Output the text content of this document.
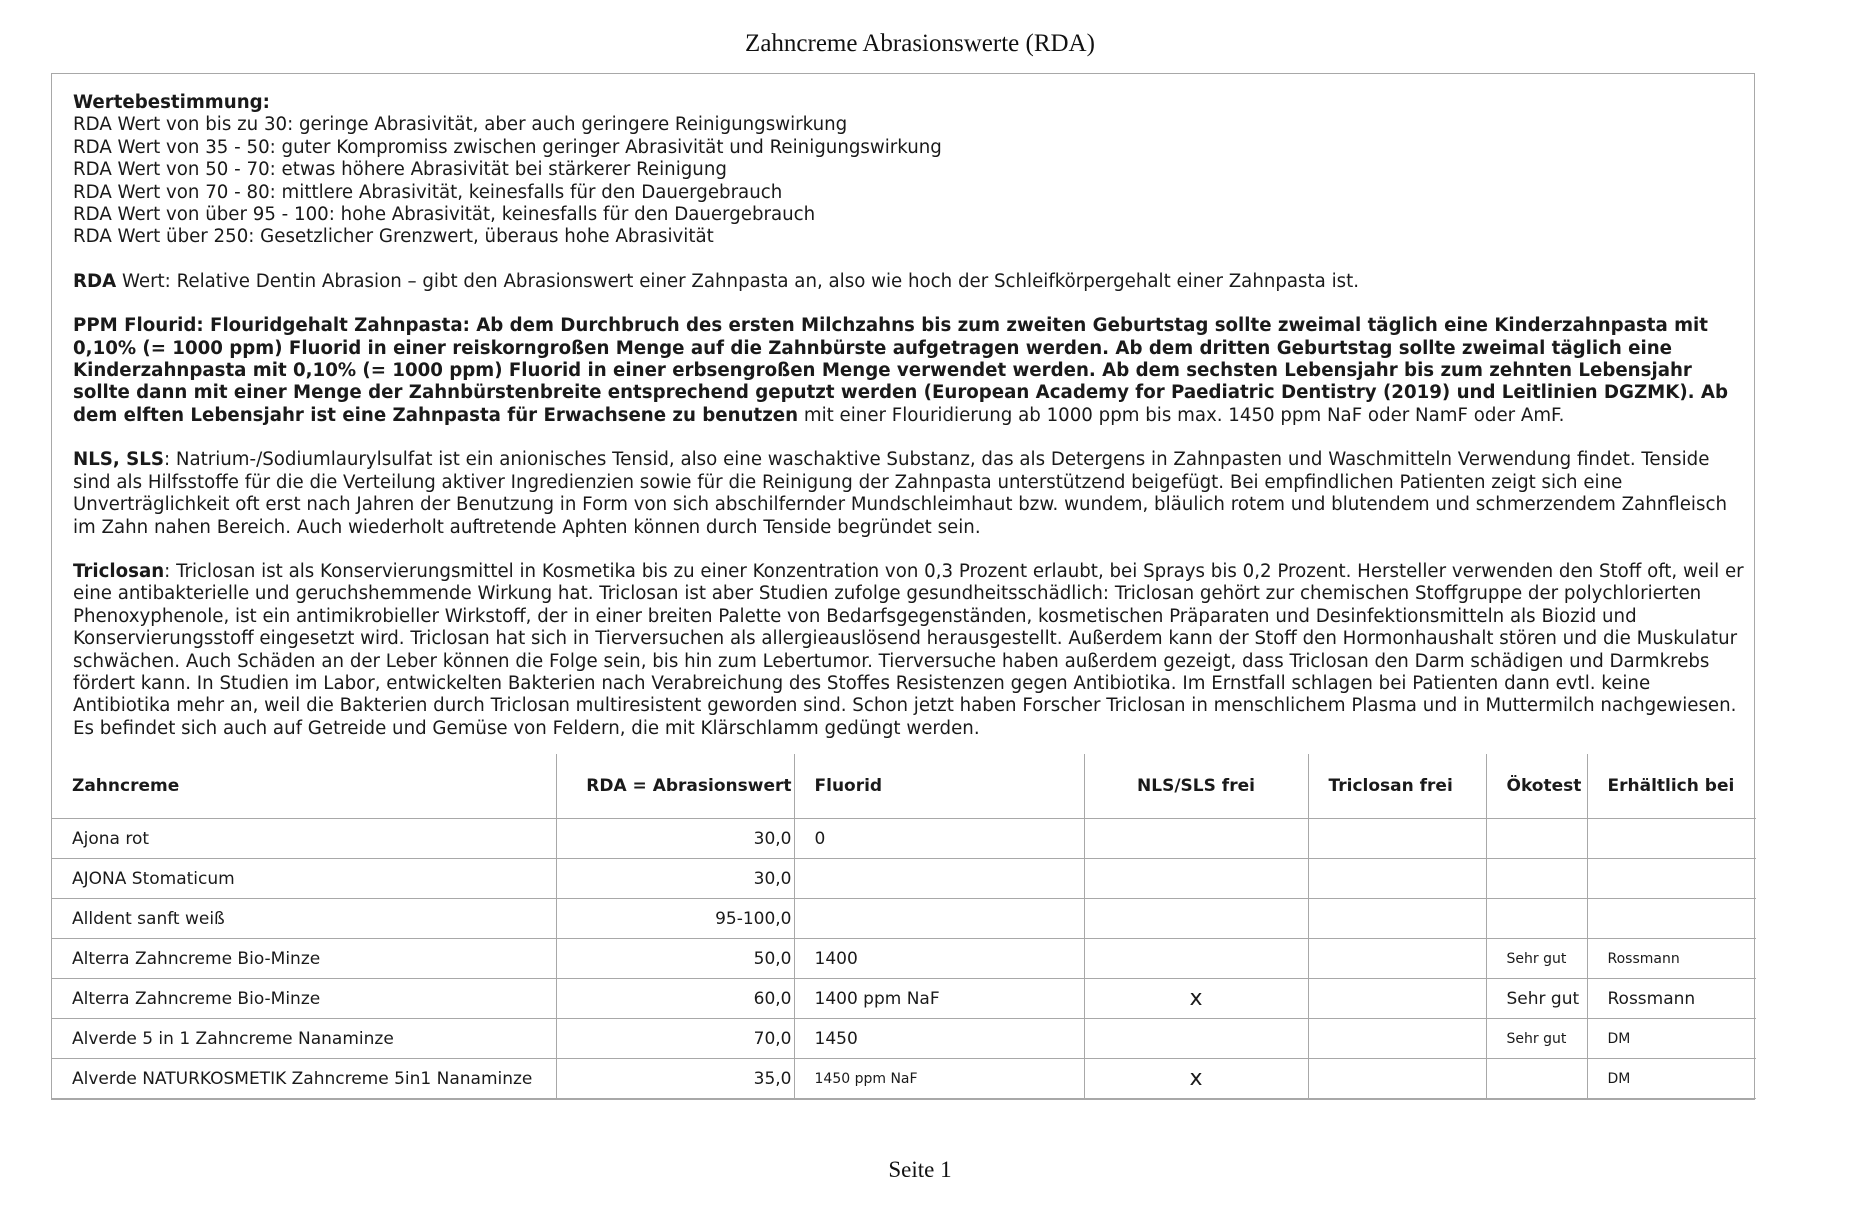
Zahncreme Abrasionswerte (RDA)

Wertebestimmung:

RDA Wert von bis zu 30: geringe Abrasivität, aber auch geringere Reinigungswirkung

RDA Wert von 35 - 50: guter Kompromiss zwischen geringer Abrasivität und Reinigungswirkung

RDA Wert von 50 - 70: etwas höhere Abrasivität bei stärkerer Reinigung

RDA Wert von 70 - 80: mittlere Abrasivität, keinesfalls für den Dauergebrauch

RDA Wert von über 95 - 100: hohe Abrasivität, keinesfalls für den Dauergebrauch

RDA Wert über 250: Gesetzlicher Grenzwert, überaus hohe Abrasivität

RDA Wert: Relative Dentin Abrasion – gibt den Abrasionswert einer Zahnpasta an, also wie hoch der Schleifkörpergehalt einer Zahnpasta ist.

PPM Flourid: Flouridgehalt Zahnpasta: Ab dem Durchbruch des ersten Milchzahns bis zum zweiten Geburtstag sollte zweimal täglich eine Kinderzahnpasta mit 0,10% (= 1000 ppm) Fluorid in einer reiskorngroßen Menge auf die Zahnbürste aufgetragen werden. Ab dem dritten Geburtstag sollte zweimal täglich eine Kinderzahnpasta mit 0,10% (= 1000 ppm) Fluorid in einer erbsengroßen Menge verwendet werden. Ab dem sechsten Lebensjahr bis zum zehnten Lebensjahr sollte dann mit einer Menge der Zahnbürstenbreite entsprechend geputzt werden (European Academy for Paediatric Dentistry (2019) und Leitlinien DGZMK). Ab dem elften Lebensjahr ist eine Zahnpasta für Erwachsene zu benutzen mit einer Flouridierung ab 1000 ppm bis max. 1450 ppm NaF oder NamF oder AmF.

NLS, SLS: Natrium-/Sodiumlaurylsulfat ist ein anionisches Tensid, also eine waschaktive Substanz, das als Detergens in Zahnpasten und Waschmitteln Verwendung findet. Tenside sind als Hilfsstoffe für die die Verteilung aktiver Ingredienzien sowie für die Reinigung der Zahnpasta unterstützend beigefügt. Bei empfindlichen Patienten zeigt sich eine Unverträglichkeit oft erst nach Jahren der Benutzung in Form von sich abschilfernder Mundschleimhaut bzw. wundem, bläulich rotem und blutendem und schmerzendem Zahnfleisch im Zahn nahen Bereich. Auch wiederholt auftretende Aphten können durch Tenside begründet sein.

Triclosan: Triclosan ist als Konservierungsmittel in Kosmetika bis zu einer Konzentration von 0,3 Prozent erlaubt, bei Sprays bis 0,2 Prozent. Hersteller verwenden den Stoff oft, weil er eine antibakterielle und geruchshemmende Wirkung hat. Triclosan ist aber Studien zufolge gesundheitsschädlich: Triclosan gehört zur chemischen Stoffgruppe der polychlorierten Phenoxyphenole, ist ein antimikrobieller Wirkstoff, der in einer breiten Palette von Bedarfsgegenständen, kosmetischen Präparaten und Desinfektionsmitteln als Biozid und Konservierungsstoff eingesetzt wird. Triclosan hat sich in Tierversuchen als allergieauslösend herausgestellt. Außerdem kann der Stoff den Hormonhaushalt stören und die Muskulatur schwächen. Auch Schäden an der Leber können die Folge sein, bis hin zum Lebertumor. Tierversuche haben außerdem gezeigt, dass Triclosan den Darm schädigen und Darmkrebs fördert kann. In Studien im Labor, entwickelten Bakterien nach Verabreichung des Stoffes Resistenzen gegen Antibiotika. Im Ernstfall schlagen bei Patienten dann evtl. keine Antibiotika mehr an, weil die Bakterien durch Triclosan multiresistent geworden sind. Schon jetzt haben Forscher Triclosan in menschlichem Plasma und in Muttermilch nachgewiesen. Es befindet sich auch auf Getreide und Gemüse von Feldern, die mit Klärschlamm gedüngt werden.

Zahncreme	RDA = Abrasionswert	Fluorid	NLS/SLS frei	Triclosan frei	Ökotest	Erhältlich bei
Ajona rot	30,0	0				
AJONA Stomaticum	30,0					
Alldent sanft weiß	95-100,0					
Alterra Zahncreme Bio-Minze	50,0	1400			Sehr gut	Rossmann
Alterra Zahncreme Bio-Minze	60,0	1400 ppm NaF	x		Sehr gut	Rossmann
Alverde 5 in 1 Zahncreme Nanaminze	70,0	1450			Sehr gut	DM
Alverde NATURKOSMETIK Zahncreme 5in1 Nanaminze	35,0	1450 ppm NaF	x			DM
Seite 1
